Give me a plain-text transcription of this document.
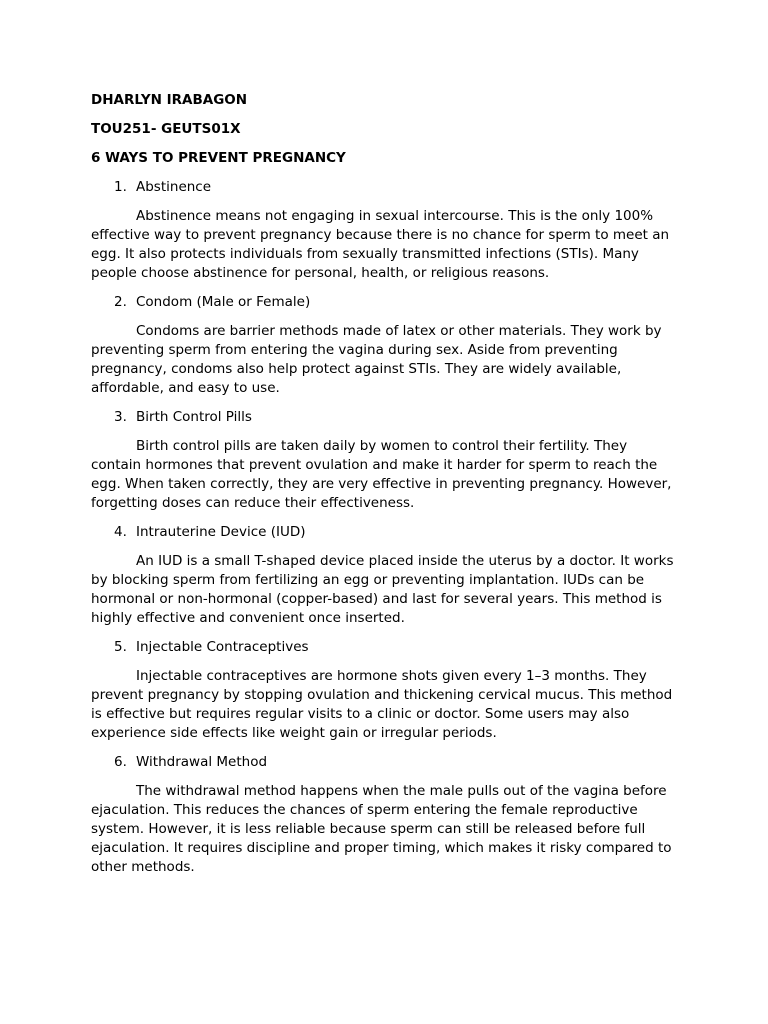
DHARLYN IRABAGON
TOU251- GEUTS01X
6 WAYS TO PREVENT PREGNANCY
1. Abstinence
Abstinence means not engaging in sexual intercourse. This is the only 100% effective way to prevent pregnancy because there is no chance for sperm to meet an egg. It also protects individuals from sexually transmitted infections (STIs). Many people choose abstinence for personal, health, or religious reasons.
2. Condom (Male or Female)
Condoms are barrier methods made of latex or other materials. They work by preventing sperm from entering the vagina during sex. Aside from preventing pregnancy, condoms also help protect against STIs. They are widely available, affordable, and easy to use.
3. Birth Control Pills
Birth control pills are taken daily by women to control their fertility. They contain hormones that prevent ovulation and make it harder for sperm to reach the egg. When taken correctly, they are very effective in preventing pregnancy. However, forgetting doses can reduce their effectiveness.
4. Intrauterine Device (IUD)
An IUD is a small T-shaped device placed inside the uterus by a doctor. It works by blocking sperm from fertilizing an egg or preventing implantation. IUDs can be hormonal or non-hormonal (copper-based) and last for several years. This method is highly effective and convenient once inserted.
5. Injectable Contraceptives
Injectable contraceptives are hormone shots given every 1–3 months. They prevent pregnancy by stopping ovulation and thickening cervical mucus. This method is effective but requires regular visits to a clinic or doctor. Some users may also experience side effects like weight gain or irregular periods.
6. Withdrawal Method
The withdrawal method happens when the male pulls out of the vagina before ejaculation. This reduces the chances of sperm entering the female reproductive system. However, it is less reliable because sperm can still be released before full ejaculation. It requires discipline and proper timing, which makes it risky compared to other methods.
